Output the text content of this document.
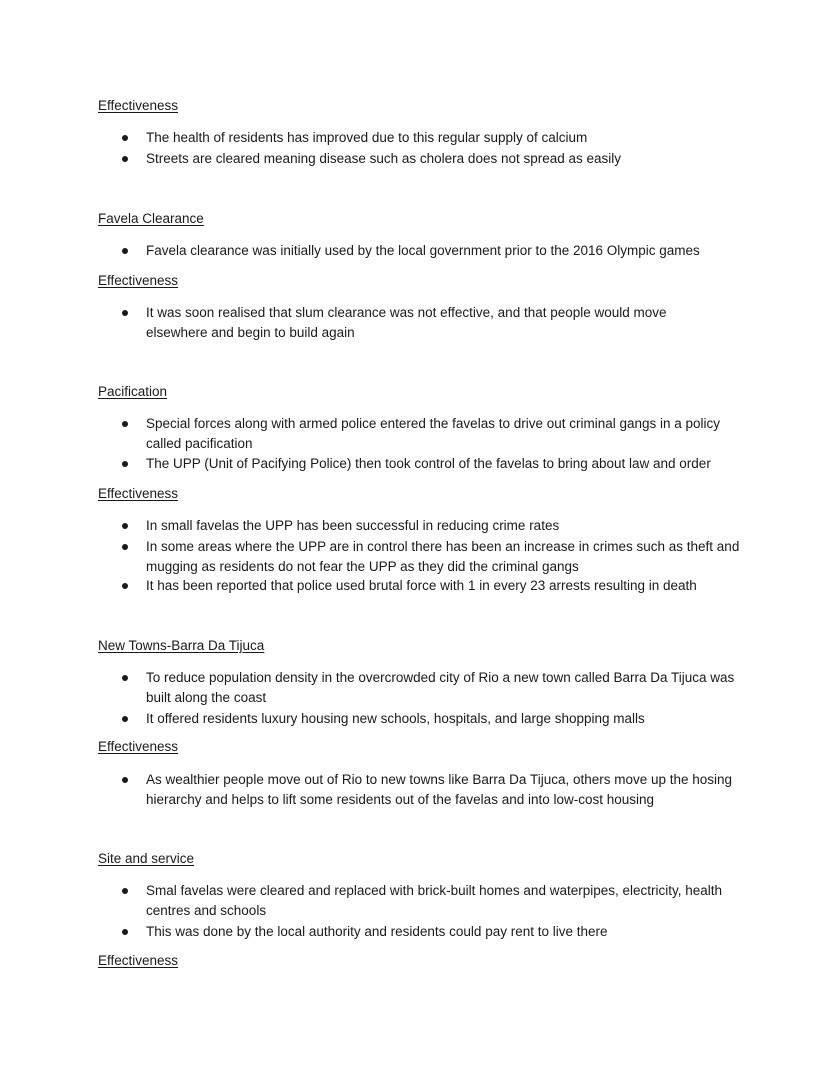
Effectiveness
The health of residents has improved due to this regular supply of calcium
Streets are cleared meaning disease such as cholera does not spread as easily
Favela Clearance
Favela clearance was initially used by the local government prior to the 2016 Olympic games
Effectiveness
It was soon realised that slum clearance was not effective, and that people would move elsewhere and begin to build again
Pacification
Special forces along with armed police entered the favelas to drive out criminal gangs in a policy called pacification
The UPP (Unit of Pacifying Police) then took control of the favelas to bring about law and order
Effectiveness
In small favelas the UPP has been successful in reducing crime rates
In some areas where the UPP are in control there has been an increase in crimes such as theft and mugging as residents do not fear the UPP as they did the criminal gangs
It has been reported that police used brutal force with 1 in every 23 arrests resulting in death
New Towns-Barra Da Tijuca
To reduce population density in the overcrowded city of Rio a new town called Barra Da Tijuca was built along the coast
It offered residents luxury housing new schools, hospitals, and large shopping malls
Effectiveness
As wealthier people move out of Rio to new towns like Barra Da Tijuca, others move up the hosing hierarchy and helps to lift some residents out of the favelas and into low-cost housing
Site and service
Smal favelas were cleared and replaced with brick-built homes and waterpipes, electricity, health centres and schools
This was done by the local authority and residents could pay rent to live there
Effectiveness
